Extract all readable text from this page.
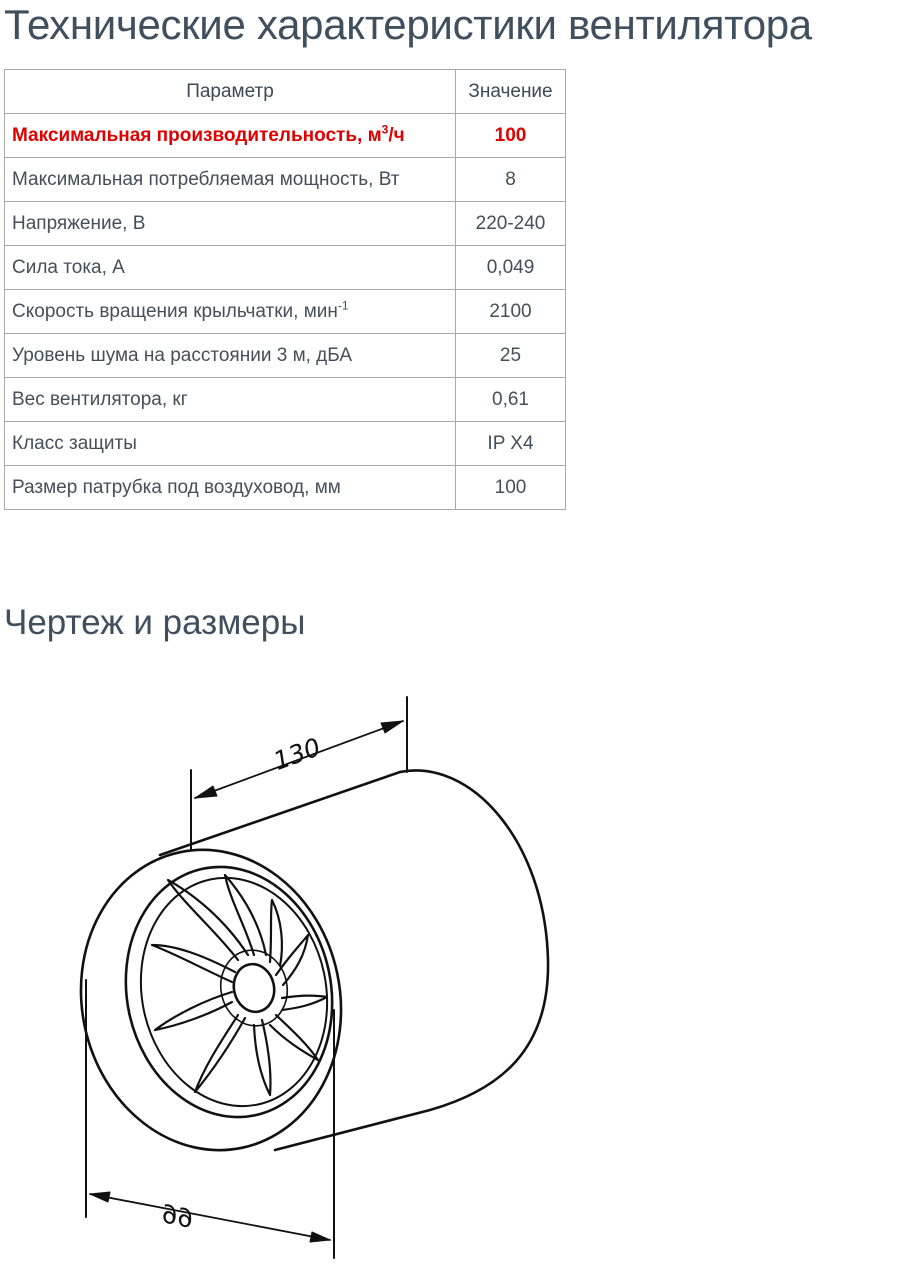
Технические характеристики вентилятора
Параметр	Значение
Максимальная производительность, $м^3/ч$	100
Максимальная потребляемая мощность, Вт	8
Напряжение, В	220-240
Сила тока, А	0,049
Скорость вращения крыльчатки, мин$^{-1}$	2100
Уровень шума на расстоянии 3 м, дБА	25
Вес вентилятора, кг	0,61
Класс защиты	IP X4
Размер патрубка под воздуховод, мм	100
Чертеж и размеры
130
99
